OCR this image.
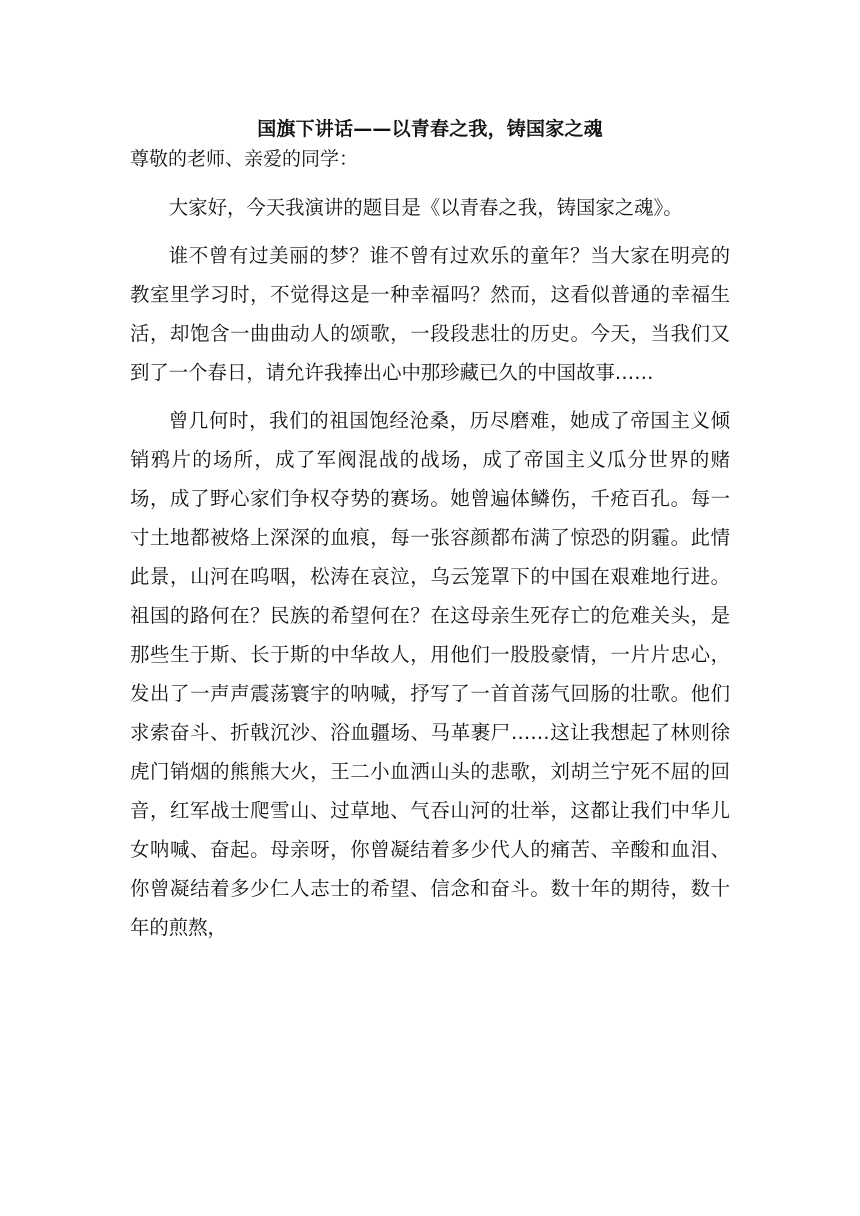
国旗下讲话——以青春之我，铸国家之魂

尊敬的老师、亲爱的同学：

大家好，今天我演讲的题目是《以青春之我，铸国家之魂》。

谁不曾有过美丽的梦？谁不曾有过欢乐的童年？当大家在明亮的教室里学习时，不觉得这是一种幸福吗？然而，这看似普通的幸福生活，却饱含一曲曲动人的颂歌，一段段悲壮的历史。今天，当我们又到了一个春日，请允许我捧出心中那珍藏已久的中国故事……

曾几何时，我们的祖国饱经沧桑，历尽磨难，她成了帝国主义倾销鸦片的场所，成了军阀混战的战场，成了帝国主义瓜分世界的赌场，成了野心家们争权夺势的赛场。她曾遍体鳞伤，千疮百孔。每一寸土地都被烙上深深的血痕，每一张容颜都布满了惊恐的阴霾。此情此景，山河在呜咽，松涛在哀泣，乌云笼罩下的中国在艰难地行进。祖国的路何在？民族的希望何在？在这母亲生死存亡的危难关头，是那些生于斯、长于斯的中华故人，用他们一股股豪情，一片片忠心，发出了一声声震荡寰宇的呐喊，抒写了一首首荡气回肠的壮歌。他们求索奋斗、折戟沉沙、浴血疆场、马革裹尸……这让我想起了林则徐虎门销烟的熊熊大火，王二小血洒山头的悲歌，刘胡兰宁死不屈的回音，红军战士爬雪山、过草地、气吞山河的壮举，这都让我们中华儿女呐喊、奋起。母亲呀，你曾凝结着多少代人的痛苦、辛酸和血泪、你曾凝结着多少仁人志士的希望、信念和奋斗。数十年的期待，数十年的煎熬，
